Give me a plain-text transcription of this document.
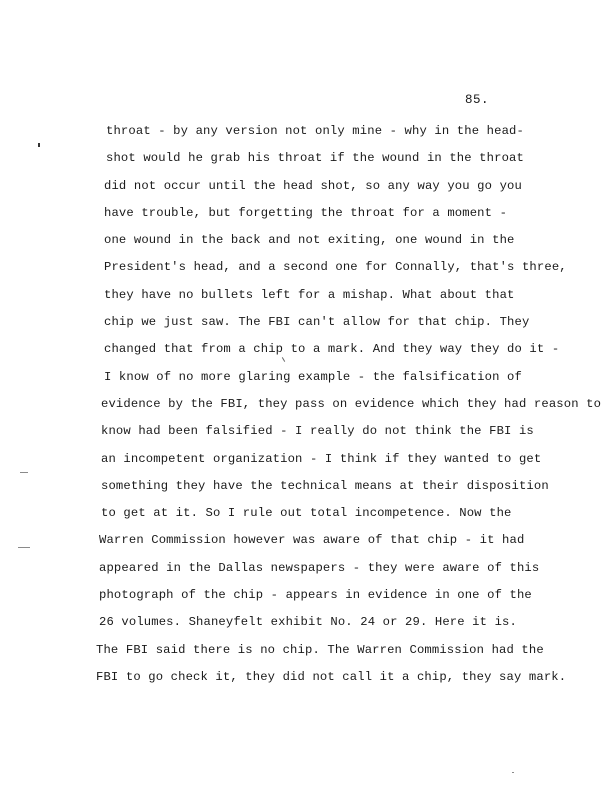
85.
throat - by any version not only mine - why in the head-
shot would he grab his throat if the wound in the throat
did not occur until the head shot, so any way you go you
have trouble, but forgetting the throat for a moment -
one wound in the back and not exiting, one wound in the
President's head, and a second one for Connally, that's three,
they have no bullets left for a mishap. What about that
chip we just saw. The FBI can't allow for that chip. They
changed that from a chip to a mark. And they way they do it -
I know of no more glaring example - the falsification of
evidence by the FBI, they pass on evidence which they had reason to
know had been falsified - I really do not think the FBI is
an incompetent organization - I think if they wanted to get
something they have the technical means at their disposition
to get at it. So I rule out total incompetence. Now the
Warren Commission however was aware of that chip - it had
appeared in the Dallas newspapers - they were aware of this
photograph of the chip - appears in evidence in one of the
26 volumes. Shaneyfelt exhibit No. 24 or 29. Here it is.
The FBI said there is no chip. The Warren Commission had the
FBI to go check it, they did not call it a chip, they say mark.
